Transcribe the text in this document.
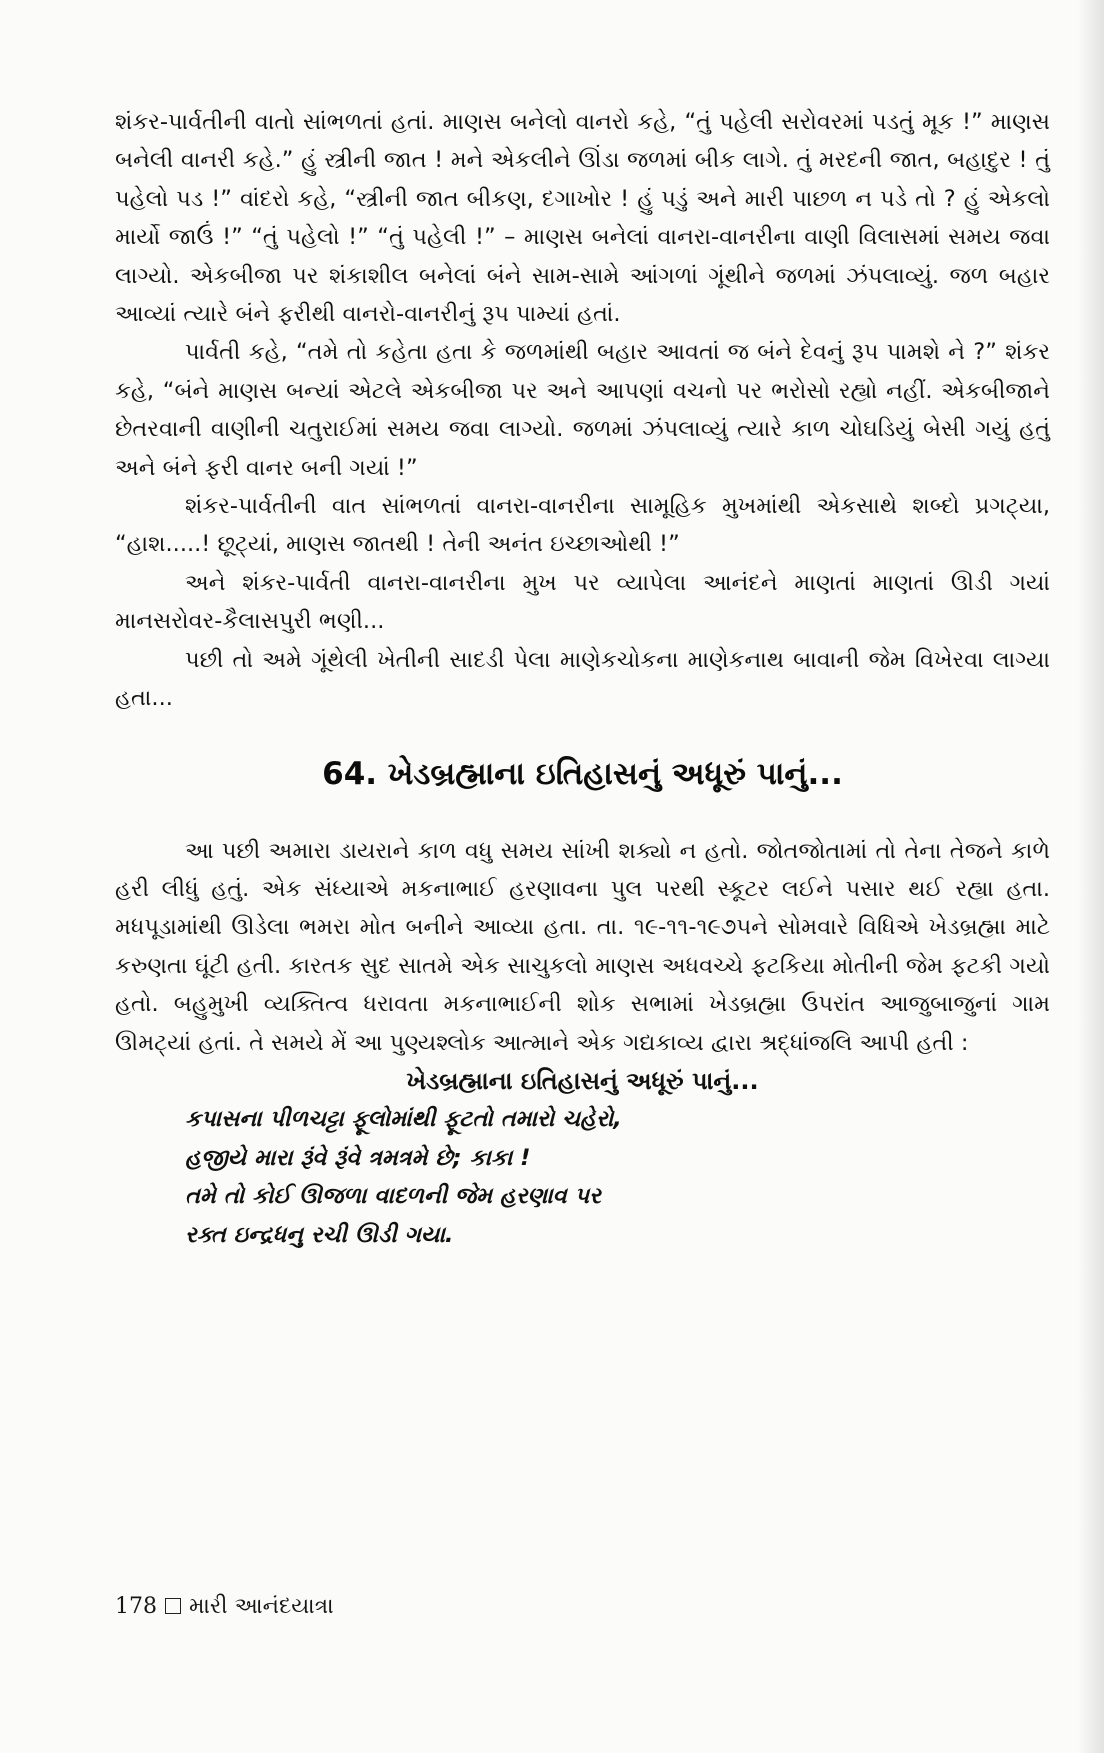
શંકર-પાર્વતીની વાતો સાંભળતાં હતાં. માણસ બનેલો વાનરો કહે, “તું પહેલી સરોવરમાં પડતું મૂક !” માણસ બનેલી વાનરી કહે.” હું સ્ત્રીની જાત ! મને એકલીને ઊંડા જળમાં બીક લાગે. તું મરદની જાત, બહાદુર ! તું પહેલો પડ !” વાંદરો કહે, “સ્ત્રીની જાત બીકણ, દગાખોર ! હું પડું અને મારી પાછળ ન પડે તો ? હું એકલો માર્યો જાઉં !” “તું પહેલો !” “તું પહેલી !” – માણસ બનેલાં વાનરા-વાનરીના વાણી વિલાસમાં સમય જવા લાગ્યો. એકબીજા પર શંકાશીલ બનેલાં બંને સામ-સામે આંગળાં ગૂંથીને જળમાં ઝંપલાવ્યું. જળ બહાર આવ્યાં ત્યારે બંને ફરીથી વાનરો-વાનરીનું રૂપ પામ્યાં હતાં.

પાર્વતી કહે, “તમે તો કહેતા હતા કે જળમાંથી બહાર આવતાં જ બંને દેવનું રૂપ પામશે ને ?” શંકર કહે, “બંને માણસ બન્યાં એટલે એકબીજા પર અને આપણાં વચનો પર ભરોસો રહ્યો નહીં. એકબીજાને છેતરવાની વાણીની ચતુરાઈમાં સમય જવા લાગ્યો. જળમાં ઝંપલાવ્યું ત્યારે કાળ ચોઘડિયું બેસી ગયું હતું અને બંને ફરી વાનર બની ગયાં !”

શંકર-પાર્વતીની વાત સાંભળતાં વાનરા-વાનરીના સામૂહિક મુખમાંથી એકસાથે શબ્દો પ્રગટ્યા, “હાશ.....! છૂટ્યાં, માણસ જાતથી ! તેની અનંત ઇચ્છાઓથી !”

અને શંકર-પાર્વતી વાનરા-વાનરીના મુખ પર વ્યાપેલા આનંદને માણતાં માણતાં ઊડી ગયાં માનસરોવર-કૈલાસપુરી ભણી...

પછી તો અમે ગૂંથેલી ખેતીની સાદડી પેલા માણેકચોકના માણેકનાથ બાવાની જેમ વિખેરવા લાગ્યા હતા...

64. ખેડબ્રહ્માના ઇતિહાસનું અધૂરું પાનું...

આ પછી અમારા ડાયરાને કાળ વધુ સમય સાંખી શક્યો ન હતો. જોતજોતામાં તો તેના તેજને કાળે હરી લીધું હતું. એક સંધ્યાએ મકનાભાઈ હરણાવના પુલ પરથી સ્કૂટર લઈને પસાર થઈ રહ્યા હતા. મધપૂડામાંથી ઊડેલા ભમરા મોત બનીને આવ્યા હતા. તા. ૧૯-૧૧-૧૯૭૫ને સોમવારે વિધિએ ખેડબ્રહ્મા માટે કરુણતા ઘૂંટી હતી. કારતક સુદ સાતમે એક સાચુકલો માણસ અધવચ્ચે ફટકિયા મોતીની જેમ ફટકી ગયો હતો. બહુમુખી વ્યક્તિત્વ ધરાવતા મકનાભાઈની શોક સભામાં ખેડબ્રહ્મા ઉપરાંત આજુબાજુનાં ગામ ઊમટ્યાં હતાં. તે સમયે મેં આ પુણ્યશ્લોક આત્માને એક ગદ્યકાવ્ય દ્વારા શ્રદ્ધાંજલિ આપી હતી :

ખેડબ્રહ્માના ઇતિહાસનું અધૂરું પાનું...

કપાસના પીળચટ્ટા ફૂલોમાંથી ફૂટતો તમારો ચહેરો,

હજીયે મારા રૂંવે રૂંવે ત્રમત્રમે છે; કાકા !

તમે તો કોઈ ઊજળા વાદળની જેમ હરણાવ પર

રક્ત ઇન્દ્રધનુ રચી ઊડી ગયા.

178 મારી આનંદયાત્રા
